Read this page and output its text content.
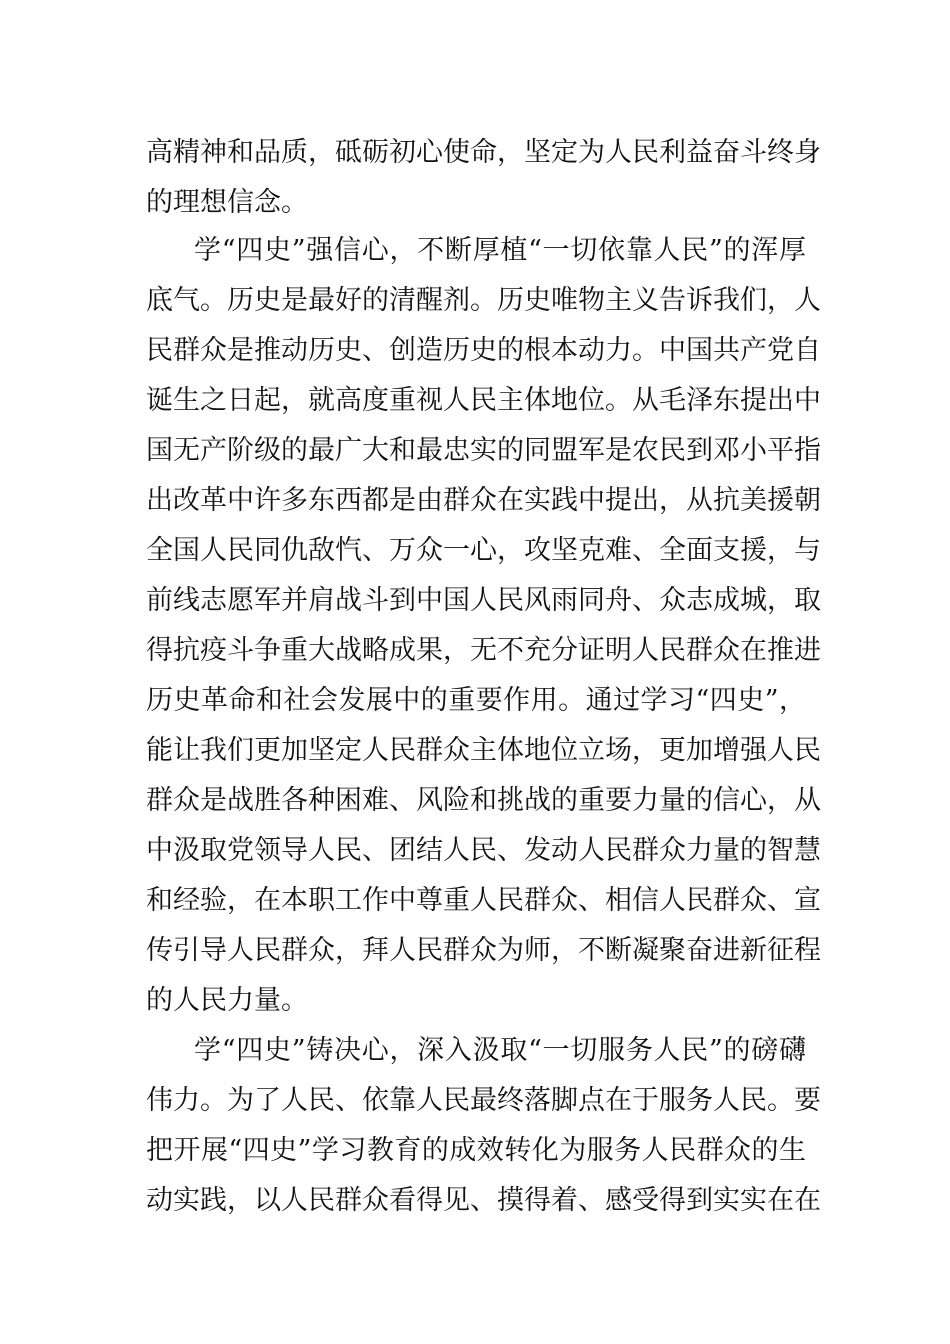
高精神和品质，砥砺初心使命，坚定为人民利益奋斗终身
的理想信念。
学“四史”强信心，不断厚植“一切依靠人民”的浑厚
底气。历史是最好的清醒剂。历史唯物主义告诉我们，人
民群众是推动历史、创造历史的根本动力。中国共产党自
诞生之日起，就高度重视人民主体地位。从毛泽东提出中
国无产阶级的最广大和最忠实的同盟军是农民到邓小平指
出改革中许多东西都是由群众在实践中提出，从抗美援朝
全国人民同仇敌忾、万众一心，攻坚克难、全面支援，与
前线志愿军并肩战斗到中国人民风雨同舟、众志成城，取
得抗疫斗争重大战略成果，无不充分证明人民群众在推进
历史革命和社会发展中的重要作用。通过学习“四史”，
能让我们更加坚定人民群众主体地位立场，更加增强人民
群众是战胜各种困难、风险和挑战的重要力量的信心，从
中汲取党领导人民、团结人民、发动人民群众力量的智慧
和经验，在本职工作中尊重人民群众、相信人民群众、宣
传引导人民群众，拜人民群众为师，不断凝聚奋进新征程
的人民力量。
学“四史”铸决心，深入汲取“一切服务人民”的磅礴
伟力。为了人民、依靠人民最终落脚点在于服务人民。要
把开展“四史”学习教育的成效转化为服务人民群众的生
动实践，以人民群众看得见、摸得着、感受得到实实在在
